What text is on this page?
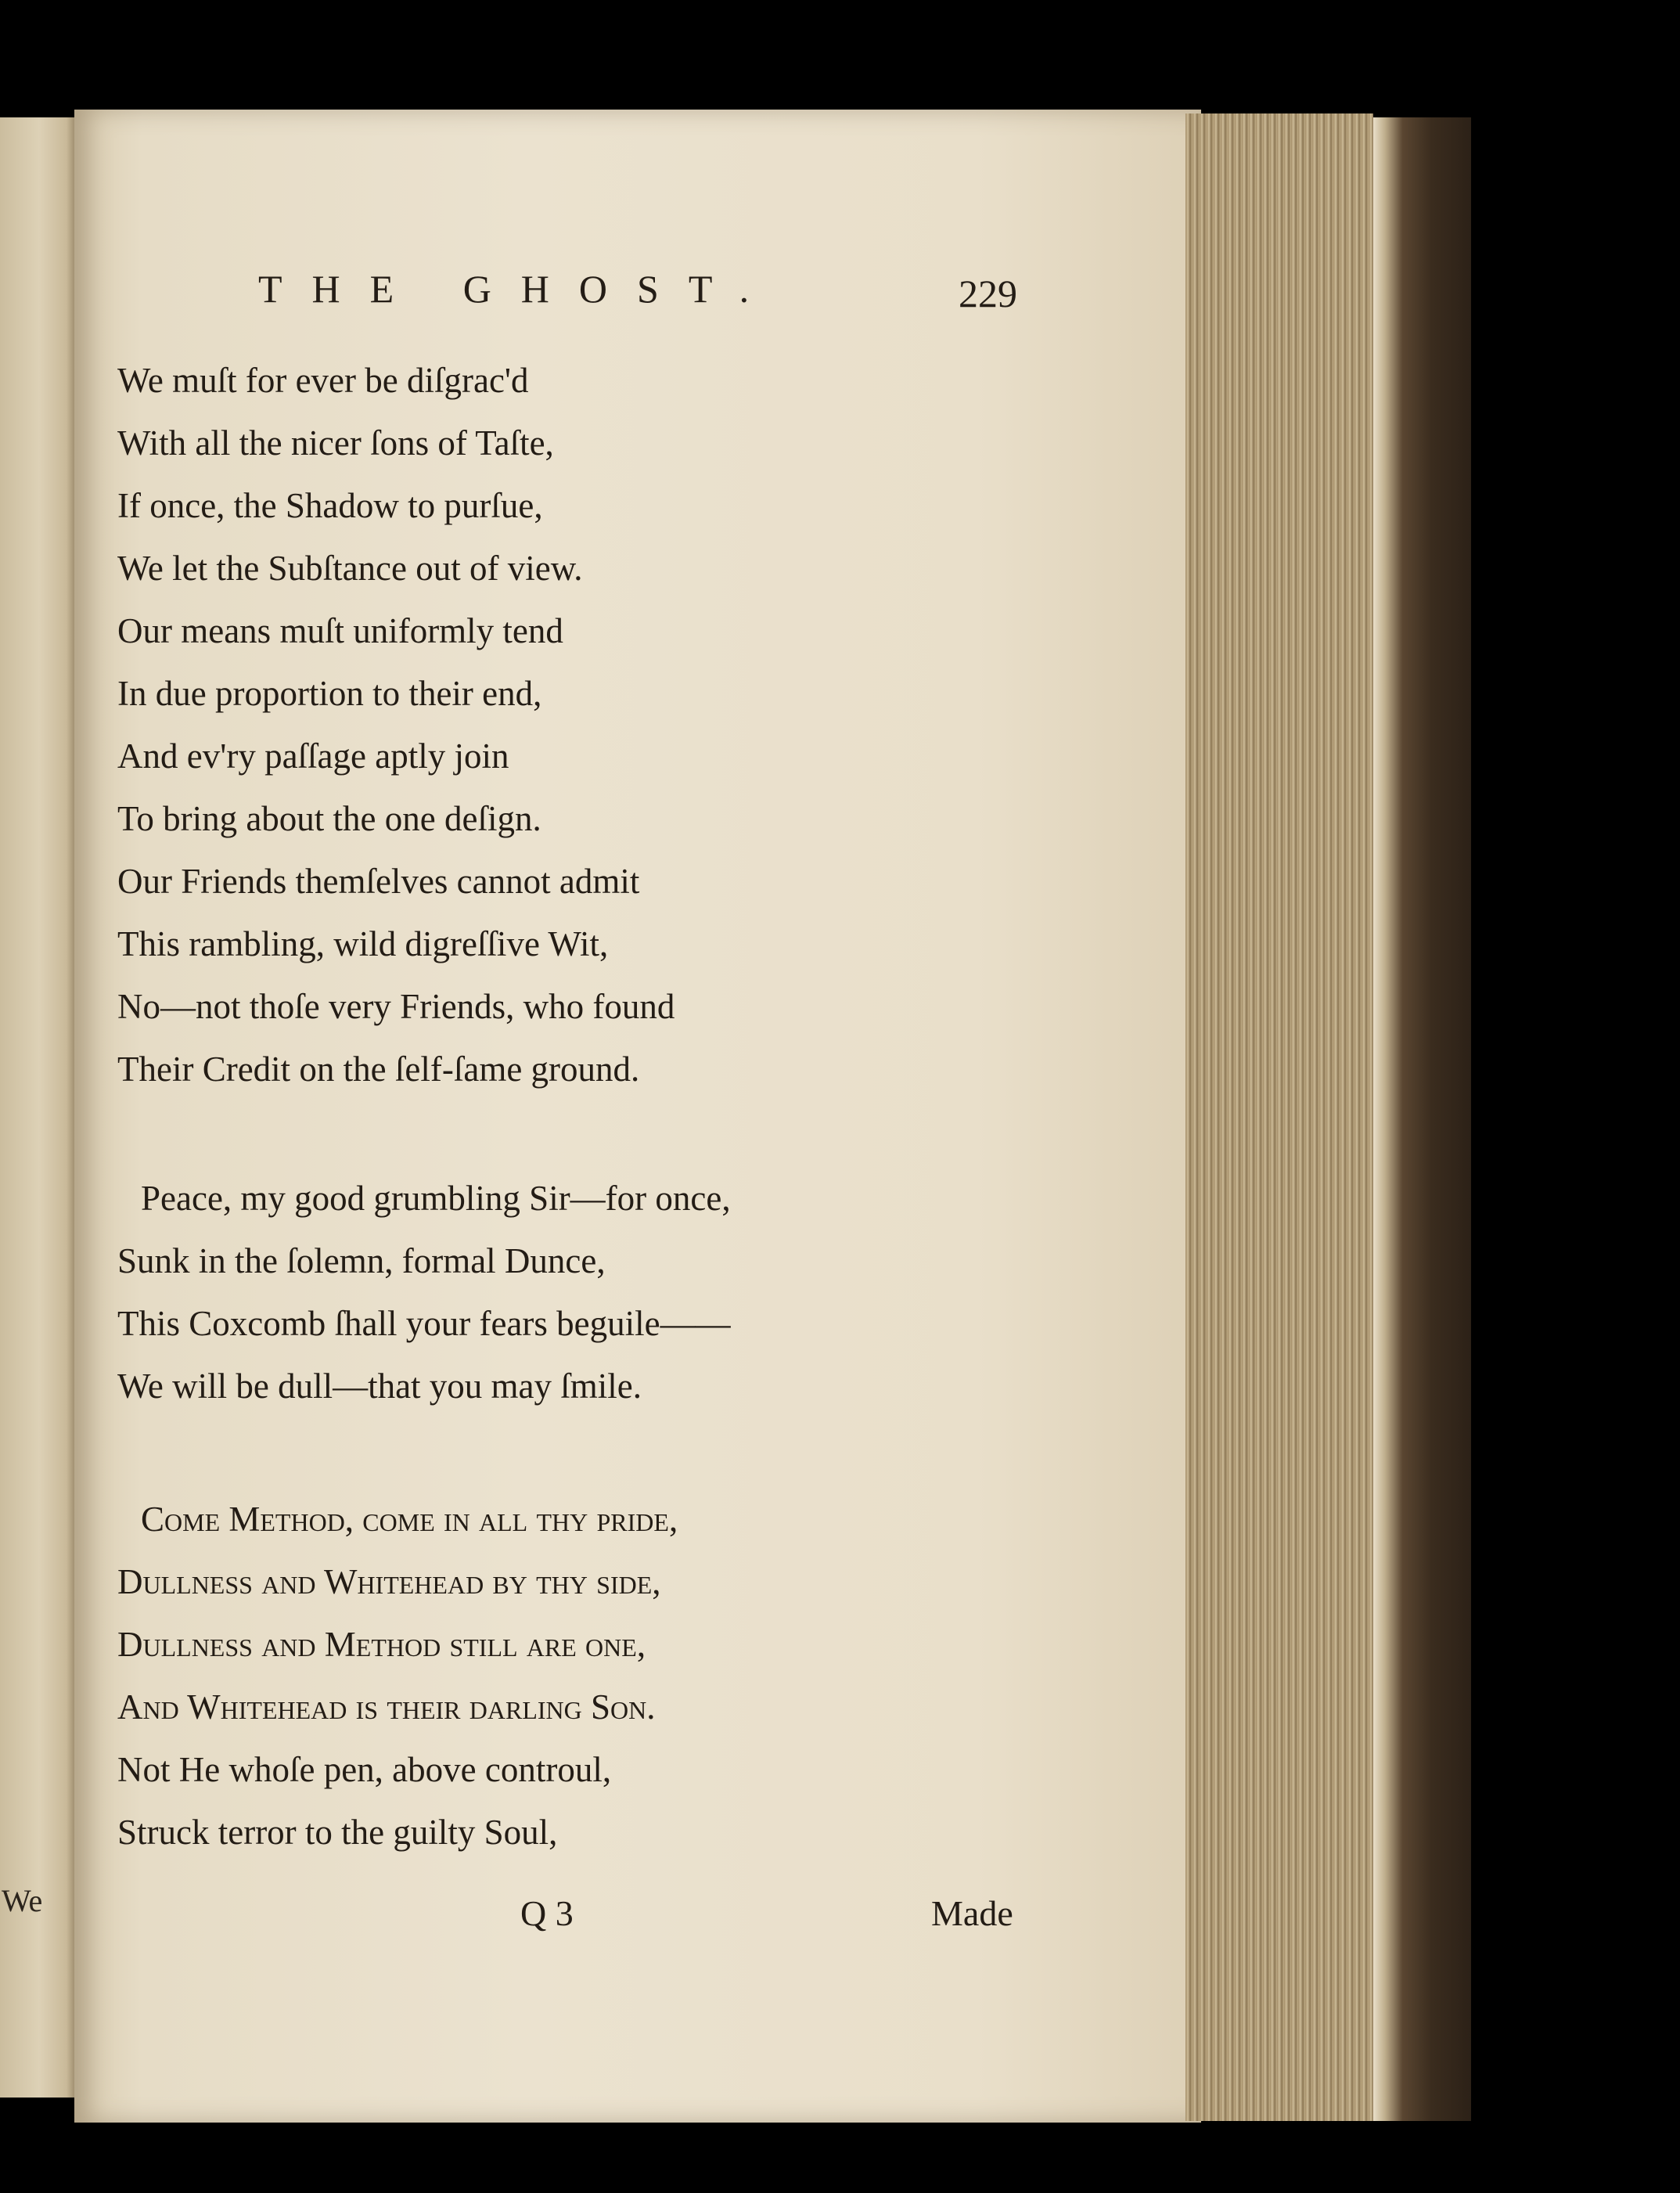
We
THE GHOST.	229
We muſt for ever be diſgrac'd
With all the nicer ſons of Taſte,
If once, the Shadow to purſue,
We let the Subſtance out of view.
Our means muſt uniformly tend
In due proportion to their end,
And ev'ry paſſage aptly join
To bring about the one deſign.
Our Friends themſelves cannot admit
This rambling, wild digreſſive Wit,
No—not thoſe very Friends, who found
Their Credit on the ſelf-ſame ground.
Peace, my good grumbling Sir—for once,
Sunk in the ſolemn, formal Dunce,
This Coxcomb ſhall your fears beguile——
We will be dull—that you may ſmile.
Come Method, come in all thy pride,
Dullness and Whitehead by thy ſide,
Dullness and Method ſtill are one,
And Whitehead is their darling Son.
Not He whoſe pen, above controul,
Struck terror to the guilty Soul,
Q 3	Made
